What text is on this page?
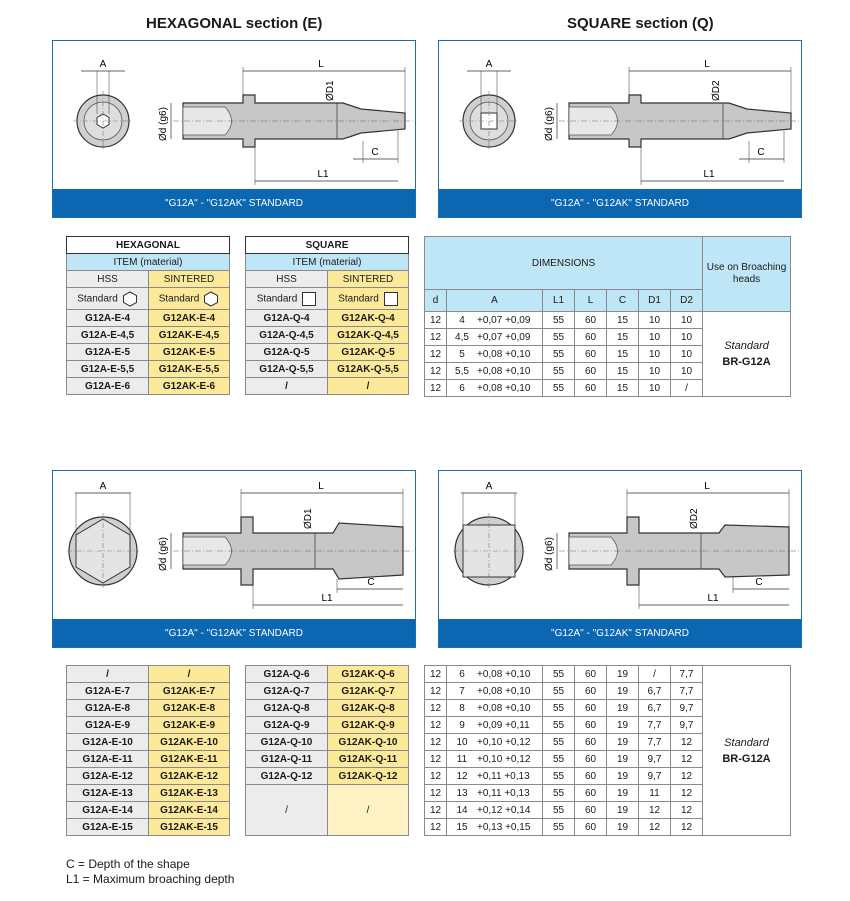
HEXAGONAL section (E)	SQUARE section (Q)
A	L
L1
C
ØD1
Ød (g6)
"G12A" - "G12AK" STANDARD
A	L
L1
C
ØD2
Ød (g6)
"G12A" - "G12AK" STANDARD
HEXAGONAL	
ITEM (material)	
HSS	SINTERED
Standard	Standard
G12A-E-4	G12AK-E-4
G12A-E-4,5	G12AK-E-4,5
G12A-E-5	G12AK-E-5
G12A-E-5,5	G12AK-E-5,5
G12A-E-6	G12AK-E-6
SQUARE	
ITEM (material)	
HSS	SINTERED
Standard	Standard
G12A-Q-4	G12AK-Q-4
G12A-Q-4,5	G12AK-Q-4,5
G12A-Q-5	G12AK-Q-5
G12A-Q-5,5	G12AK-Q-5,5
/	/
DIMENSIONS							Use on Broaching heads
d	A	L1	L	C	D1	D2	
12	4 +0,07 +0,09	55	60	15	10	10	Standard
BR-G12A

12	4,5 +0,07 +0,09	55	60	15	10	10	
12	5 +0,08 +0,10	55	60	15	10	10	
12	5,5 +0,08 +0,10	55	60	15	10	10	
12	6 +0,08 +0,10	55	60	15	10	/	
A	L
L1
C
ØD1
Ød (g6)
"G12A" - "G12AK" STANDARD
A	L
L1
C
ØD2
Ød (g6)
"G12A" - "G12AK" STANDARD
/	/
G12A-E-7	G12AK-E-7
G12A-E-8	G12AK-E-8
G12A-E-9	G12AK-E-9
G12A-E-10	G12AK-E-10
G12A-E-11	G12AK-E-11
G12A-E-12	G12AK-E-12
G12A-E-13	G12AK-E-13
G12A-E-14	G12AK-E-14
G12A-E-15	G12AK-E-15
G12A-Q-6	G12AK-Q-6
G12A-Q-7	G12AK-Q-7
G12A-Q-8	G12AK-Q-8
G12A-Q-9	G12AK-Q-9
G12A-Q-10	G12AK-Q-10
G12A-Q-11	G12AK-Q-11
G12A-Q-12	G12AK-Q-12
/	/
12	6 +0,08 +0,10	55	60	19	/	7,7	Standard
BR-G12A

12	7 +0,08 +0,10	55	60	19	6,7	7,7	
12	8 +0,08 +0,10	55	60	19	6,7	9,7	
12	9 +0,09 +0,11	55	60	19	7,7	9,7	
12	10 +0,10 +0,12	55	60	19	7,7	12	
12	11 +0,10 +0,12	55	60	19	9,7	12	
12	12 +0,11 +0,13	55	60	19	9,7	12	
12	13 +0,11 +0,13	55	60	19	11	12	
12	14 +0,12 +0,14	55	60	19	12	12	
12	15 +0,13 +0,15	55	60	19	12	12	
C = Depth of the shape
L1 = Maximum broaching depth
